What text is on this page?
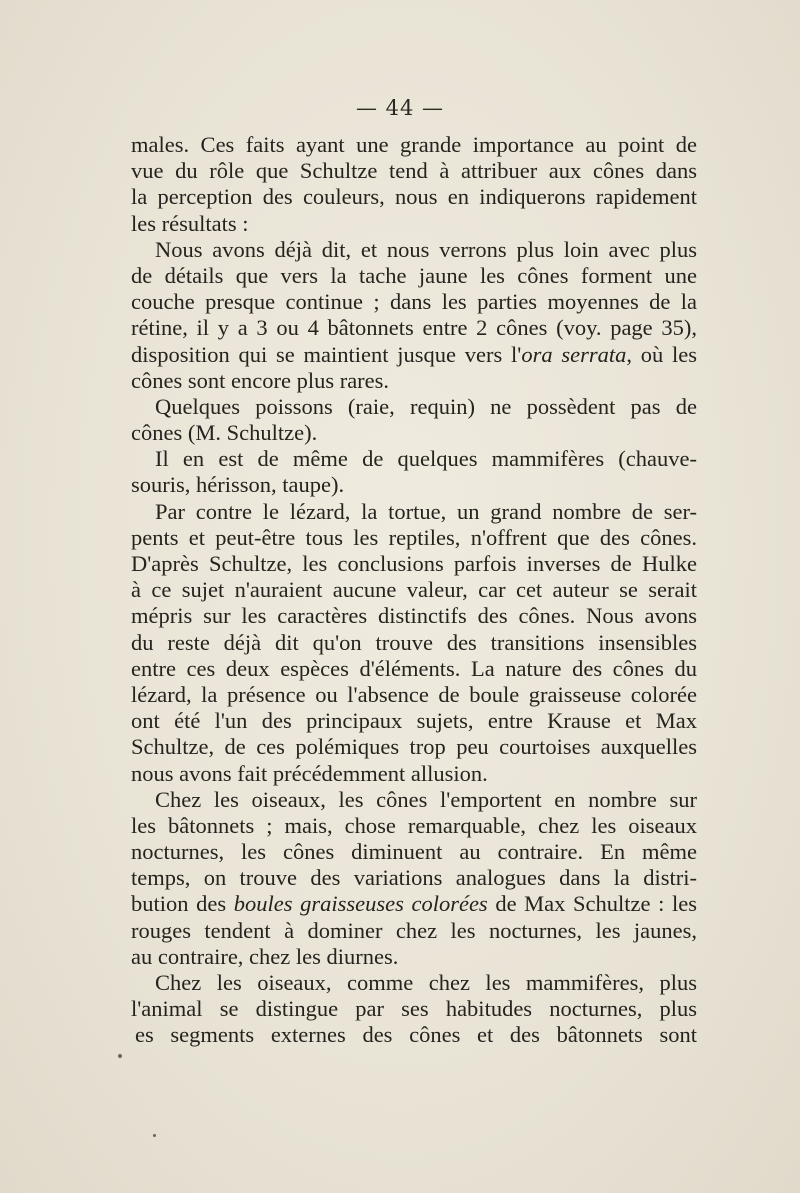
— 44 —
males. Ces faits ayant une grande importance au point de
vue du rôle que Schultze tend à attribuer aux cônes dans
la perception des couleurs, nous en indiquerons rapidement
les résultats :
Nous avons déjà dit, et nous verrons plus loin avec plus
de détails que vers la tache jaune les cônes forment une
couche presque continue ; dans les parties moyennes de la
rétine, il y a 3 ou 4 bâtonnets entre 2 cônes (voy. page 35),
disposition qui se maintient jusque vers l'ora serrata, où les
cônes sont encore plus rares.
Quelques poissons (raie, requin) ne possèdent pas de
cônes (M. Schultze).
Il en est de même de quelques mammifères (chauve-
souris, hérisson, taupe).
Par contre le lézard, la tortue, un grand nombre de ser-
pents et peut-être tous les reptiles, n'offrent que des cônes.
D'après Schultze, les conclusions parfois inverses de Hulke
à ce sujet n'auraient aucune valeur, car cet auteur se serait
mépris sur les caractères distinctifs des cônes. Nous avons
du reste déjà dit qu'on trouve des transitions insensibles
entre ces deux espèces d'éléments. La nature des cônes du
lézard, la présence ou l'absence de boule graisseuse colorée
ont été l'un des principaux sujets, entre Krause et Max
Schultze, de ces polémiques trop peu courtoises auxquelles
nous avons fait précédemment allusion.
Chez les oiseaux, les cônes l'emportent en nombre sur
les bâtonnets ; mais, chose remarquable, chez les oiseaux
nocturnes, les cônes diminuent au contraire. En même
temps, on trouve des variations analogues dans la distri-
bution des boules graisseuses colorées de Max Schultze : les
rouges tendent à dominer chez les nocturnes, les jaunes,
au contraire, chez les diurnes.
Chez les oiseaux, comme chez les mammifères, plus
l'animal se distingue par ses habitudes nocturnes, plus
es segments externes des cônes et des bâtonnets sont
